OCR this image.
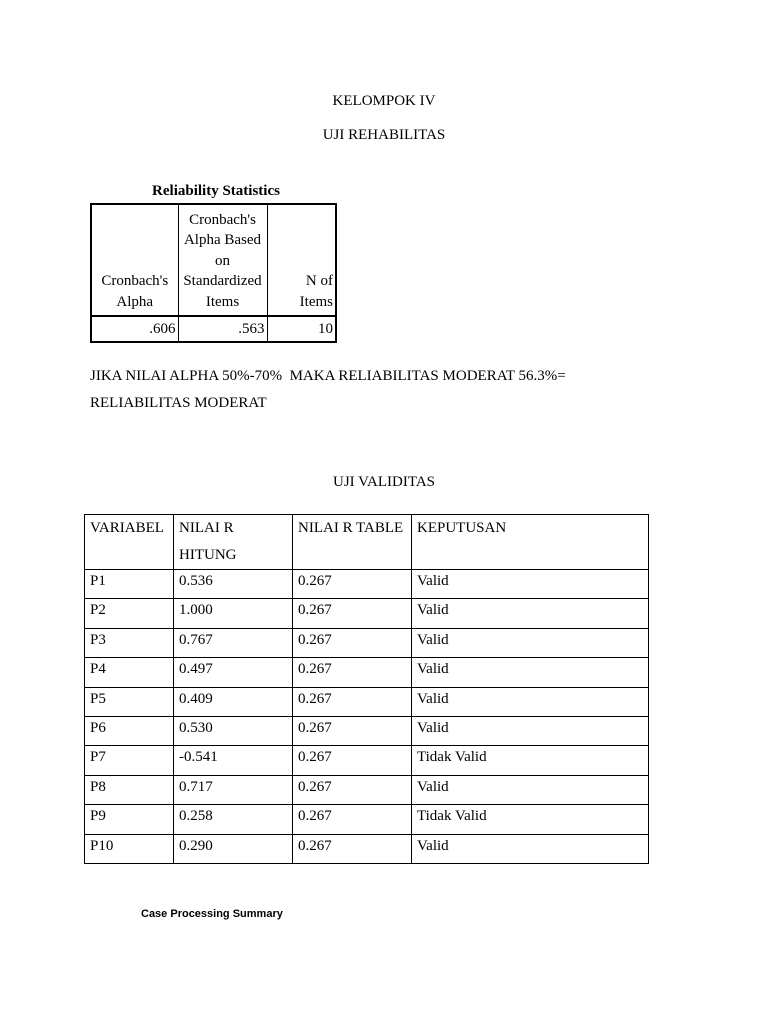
KELOMPOK IV
UJI REHABILITAS
Reliability Statistics
Cronbach's Alpha	Cronbach's Alpha Based on Standardized Items	N of Items
.606	.563	10
JIKA NILAI ALPHA 50%-70%  MAKA RELIABILITAS MODERAT 56.3%=
RELIABILITAS MODERAT
UJI VALIDITAS
VARIABEL	NILAI R HITUNG	NILAI R TABLE	KEPUTUSAN
P1	0.536	0.267	Valid
P2	1.000	0.267	Valid
P3	0.767	0.267	Valid
P4	0.497	0.267	Valid
P5	0.409	0.267	Valid
P6	0.530	0.267	Valid
P7	-0.541	0.267	Tidak Valid
P8	0.717	0.267	Valid
P9	0.258	0.267	Tidak Valid
P10	0.290	0.267	Valid
Case Processing Summary
